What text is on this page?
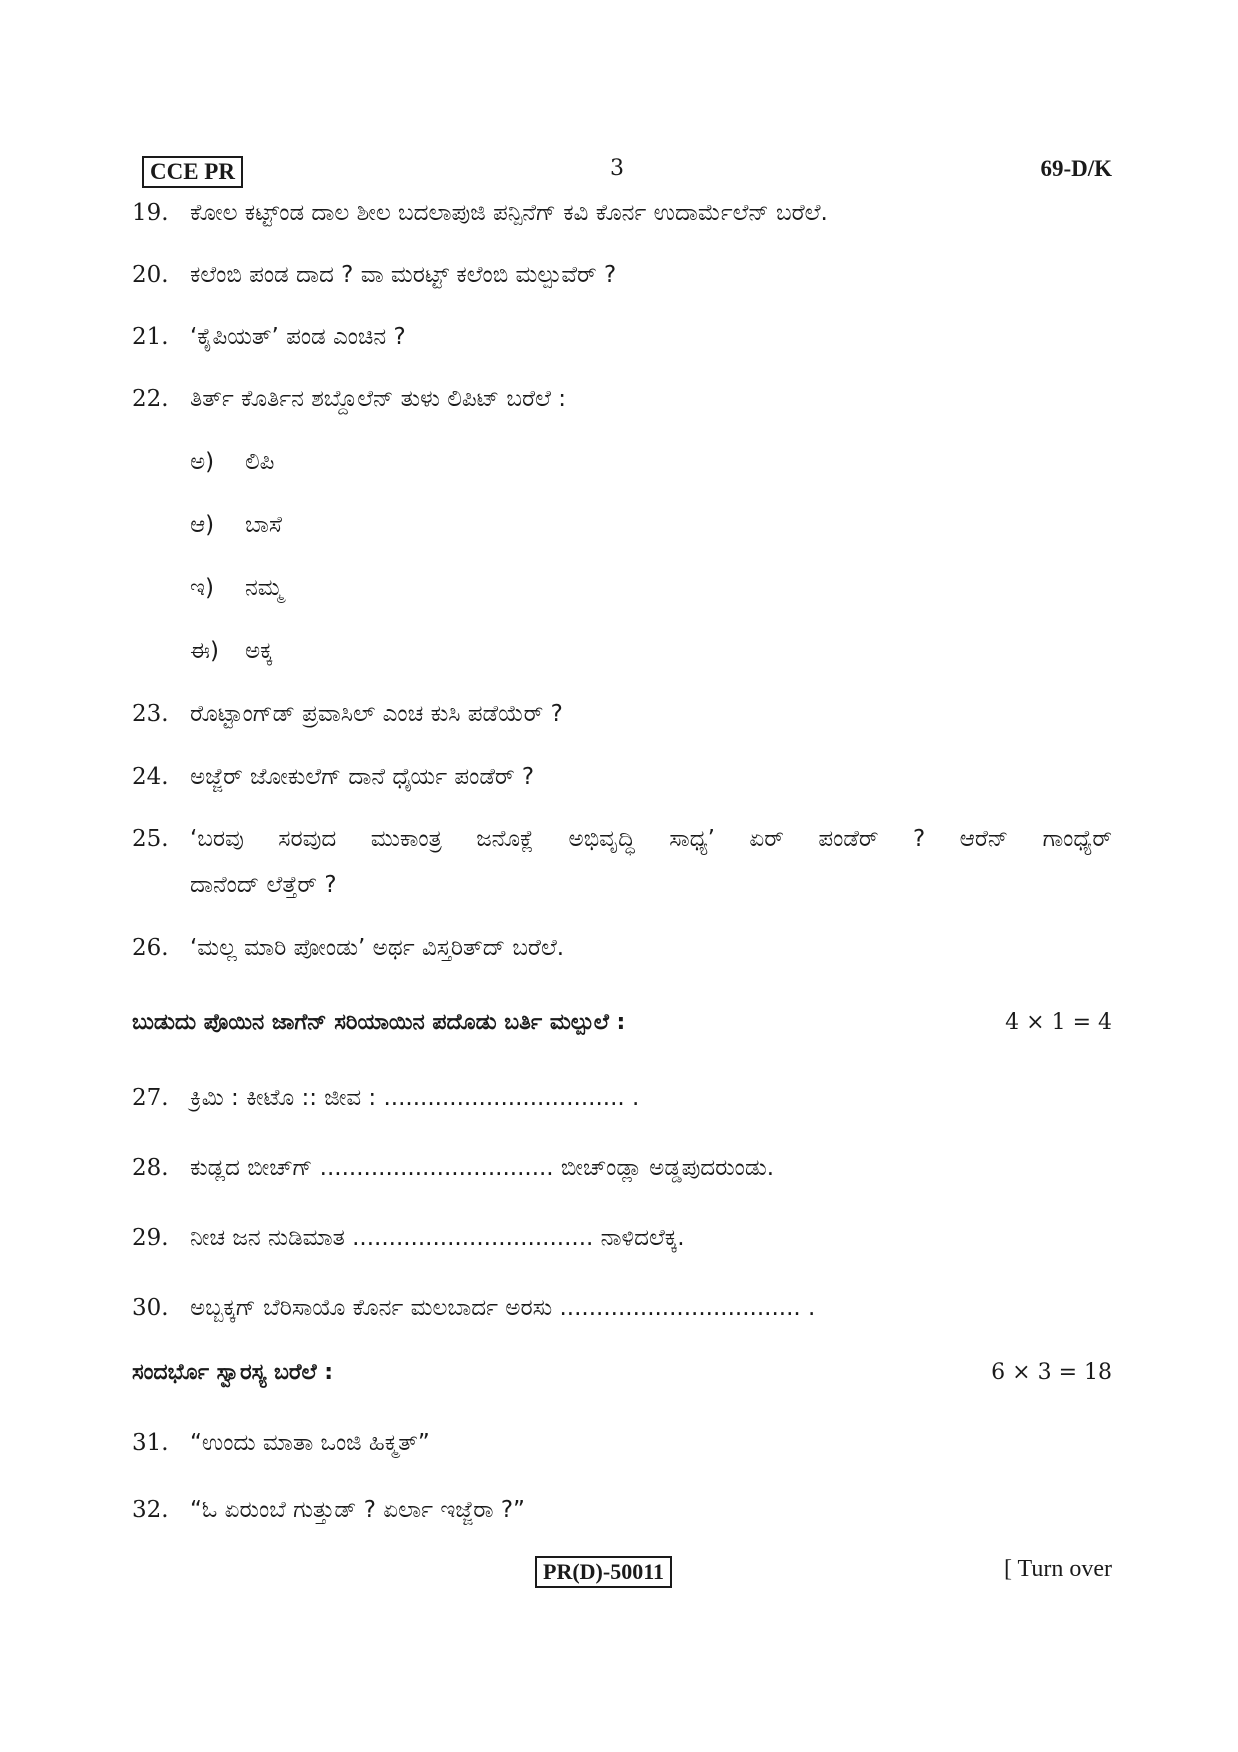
CCE PR	3	69-D/K
19. ಕೋಲ ಕಟ್ಟ್ಂಡ ದಾಲ ಶೀಲ ಬದಲಾಪುಜಿ ಪನ್ಪಿನೆಗ್ ಕವಿ ಕೊರ್ನ ಉದಾರ್ಮೆಲೆನ್ ಬರೆಲೆ.
20. ಕಲೆಂಬಿ ಪಂಡ ದಾದ ? ವಾ ಮರಟ್ಟ್ ಕಲೆಂಬಿ ಮಲ್ಪುವೆರ್ ?
21. ‘ಕೈಪಿಯತ್’ ಪಂಡ ಎಂಚಿನ ?
22. ತಿರ್ತ್ ಕೊರ್ತಿನ ಶಬ್ದೊಲೆನ್ ತುಳು ಲಿಪಿಟ್ ಬರೆಲೆ :
ಅ) ಲಿಪಿ
ಆ) ಬಾಸೆ
ಇ) ನಮ್ಮ
ಈ) ಅಕ್ಕ
23. ರೊಟ್ಟಾಂಗ್‌ಡ್ ಪ್ರವಾಸಿಲ್ ಎಂಚ ಕುಸಿ ಪಡೆಯೆರ್ ?
24. ಅಜ್ಜೆರ್ ಜೋಕುಲೆಗ್ ದಾನೆ ಧೈರ್ಯ ಪಂಡೆರ್ ?
25. ‘ಬರವು ಸರವುದ ಮುಕಾಂತ್ರ ಜನೊಕ್ಲೆ ಅಭಿವೃದ್ಧಿ ಸಾಧ್ಯ’ ಏರ್ ಪಂಡೆರ್ ? ಆರೆನ್ ಗಾಂಧ್ಯೆರ್
ದಾನೆಂದ್ ಲೆತ್ತೆರ್ ?
26. ‘ಮಲ್ಲ ಮಾರಿ ಪೋಂಡು’ ಅರ್ಥ ವಿಸ್ತರಿತ್‌ದ್ ಬರೆಲೆ.
ಬುಡುದು ಪೊಯಿನ ಜಾಗೆನ್ ಸರಿಯಾಯಿನ ಪದೊಡು ಬರ್ತಿ ಮಲ್ಪುಲೆ :	4 × 1 = 4
27. ಕ್ರಿಮಿ : ಕೀಟೊ :: ಜೀವ : ................................. .
28. ಕುಡ್ಲದ ಬೀಚ್‌ಗ್ ................................ ಬೀಚ್‌ಂಡ್ಲಾ ಅಡ್ಡಪುದರುಂಡು.
29. ನೀಚ ಜನ ನುಡಿಮಾತ ................................. ನಾಳಿದಲೆಕ್ಕ.
30. ಅಬ್ಬಕ್ಕಗ್ ಬೆರಿಸಾಯೊ ಕೊರ್ನ ಮಲಬಾರ್ದ ಅರಸು ................................. .
ಸಂದರ್ಭೊ ಸ್ವಾರಸ್ಯ ಬರೆಲೆ :	6 × 3 = 18
31. “ಉಂದು ಮಾತಾ ಒಂಜಿ ಹಿಕ್ಮತ್”
32. “ಓ ಏರುಂಬೆ ಗುತ್ತುಡ್ ? ಏರ್ಲಾ ಇಜ್ಜೆರಾ ?”
PR(D)-50011	[ Turn over
